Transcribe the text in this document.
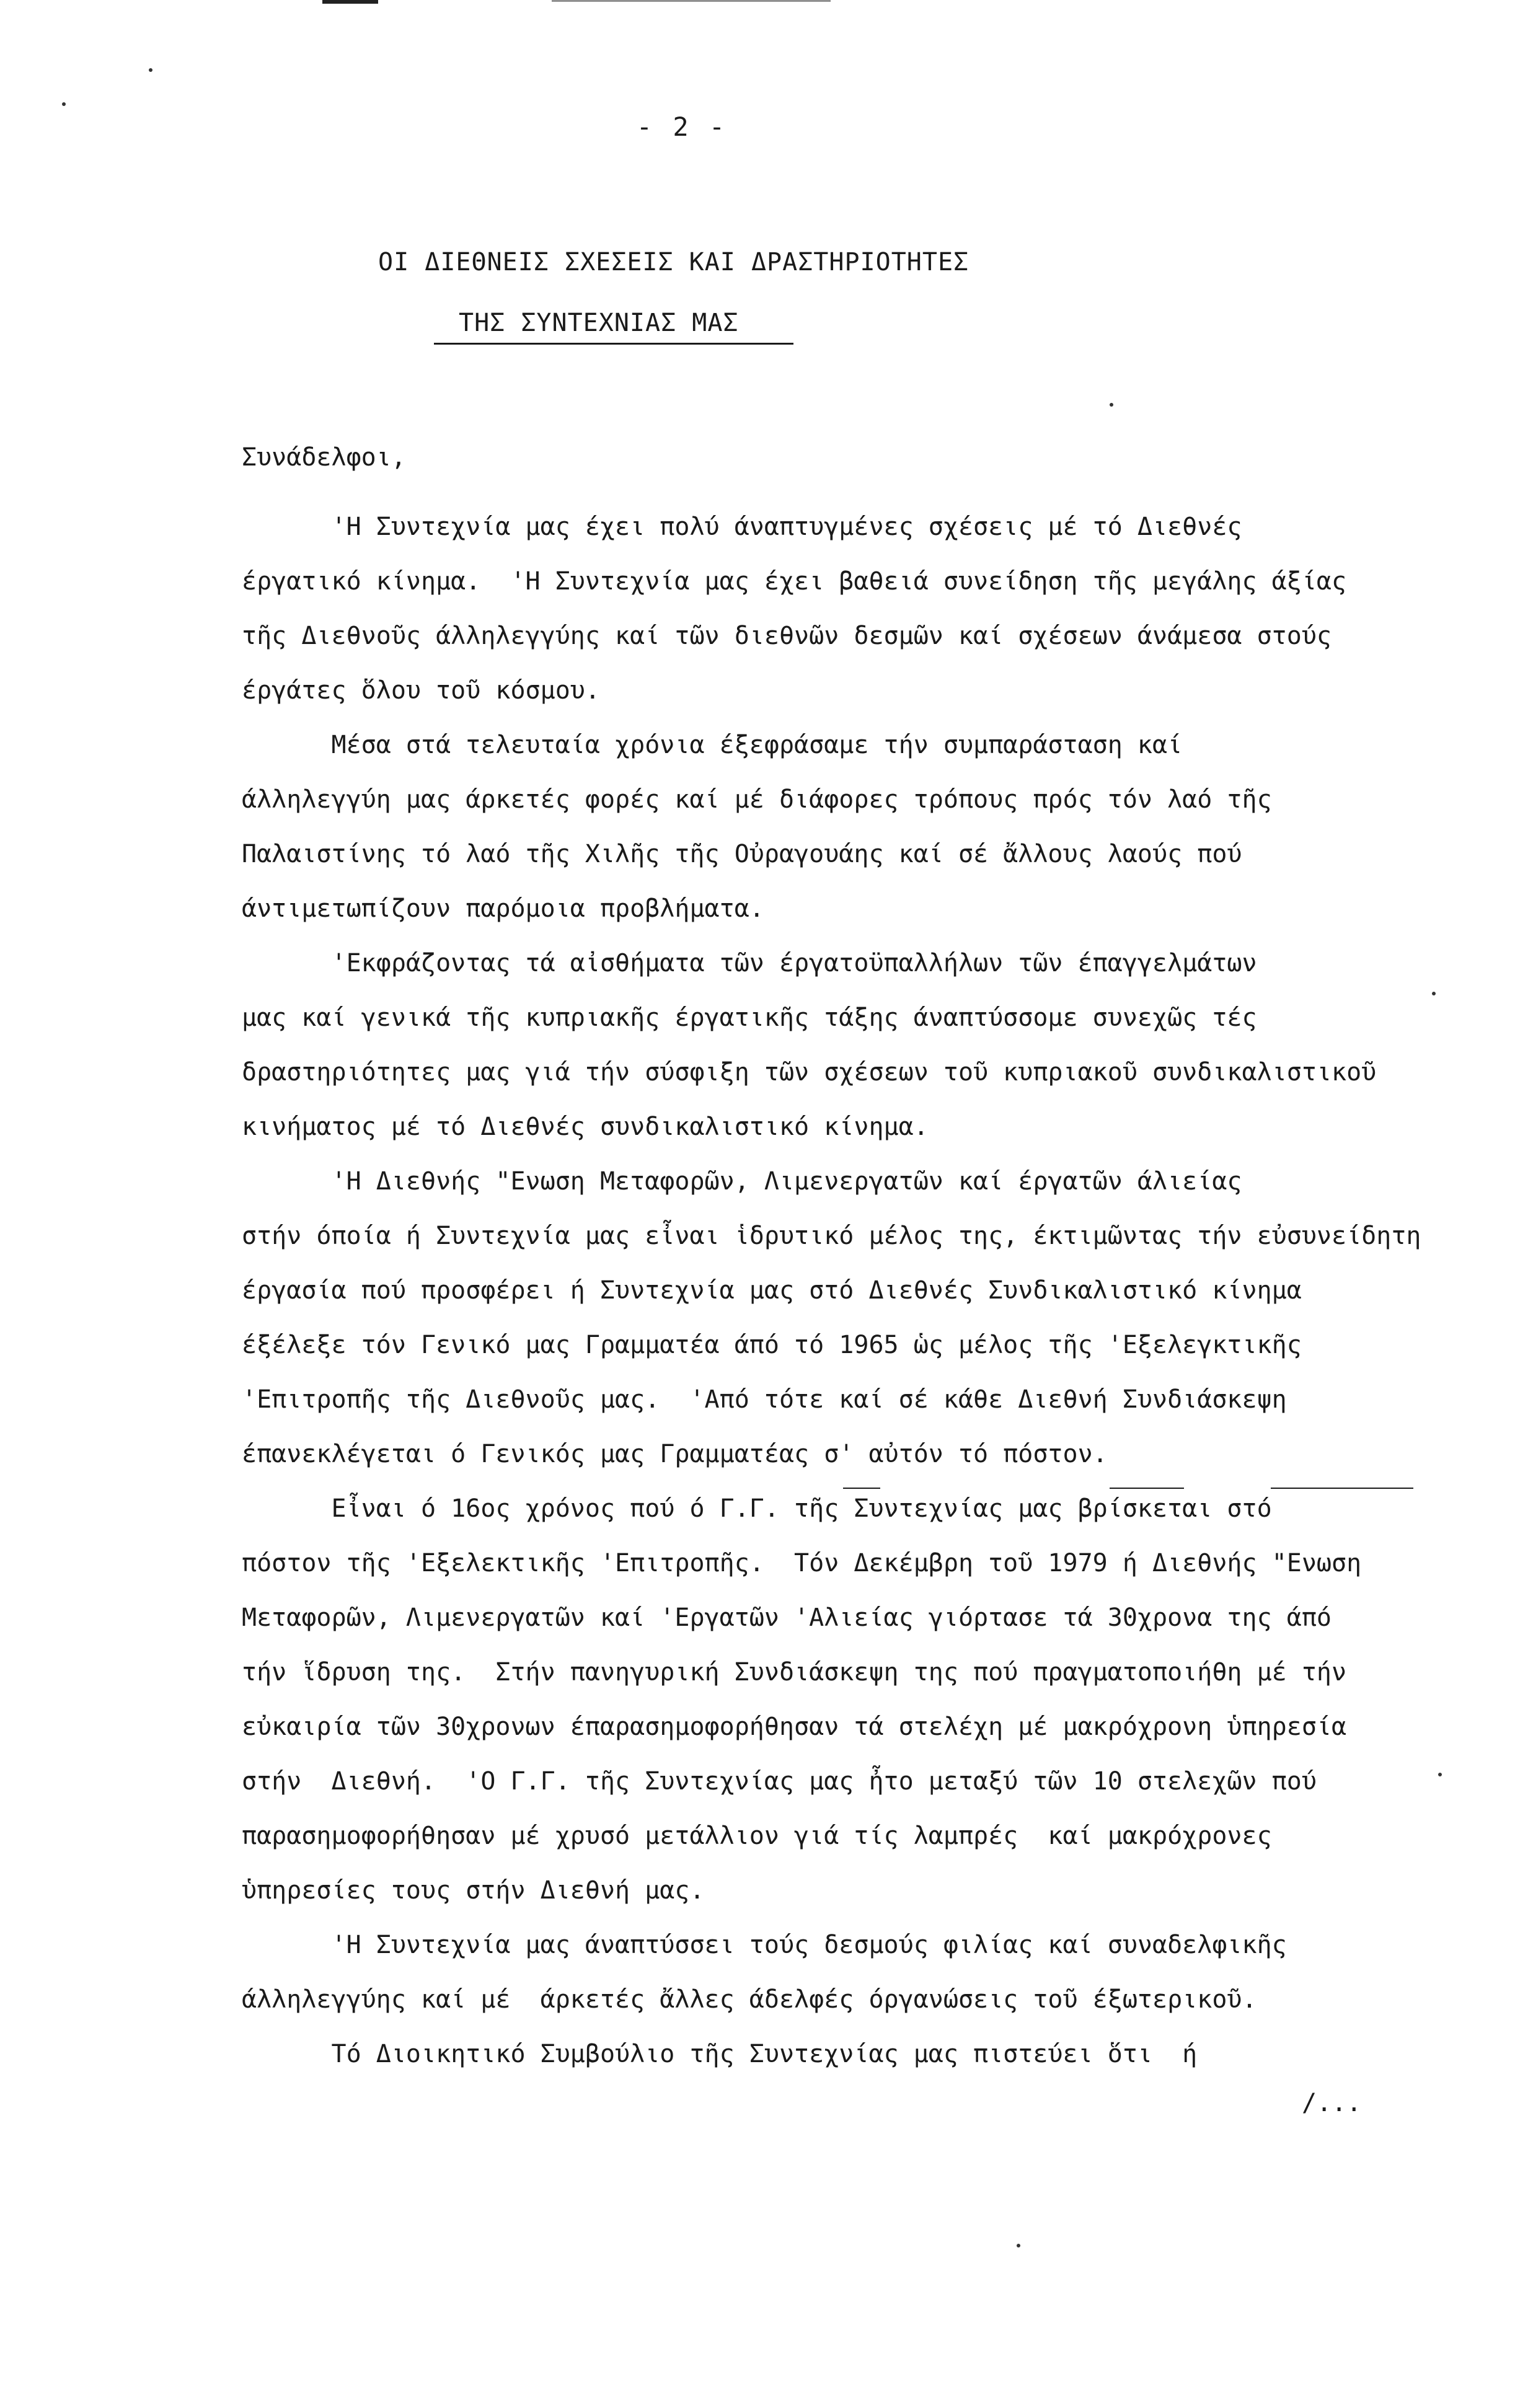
- 2 -
ΟΙ ΔΙΕΘΝΕΙΣ ΣΧΕΣΕΙΣ ΚΑΙ ΔΡΑΣΤΗΡΙΟΤΗΤΕΣ
ΤΗΣ ΣΥΝΤΕΧΝΙΑΣ ΜΑΣ
Συνάδελφοι,
'Η Συντεχνία μας έχει πολύ άναπτυγμένες σχέσεις μέ τό Διεθνές
έργατικό κίνημα.  'Η Συντεχνία μας έχει βαθειά συνείδηση τῆς μεγάλης άξίας
τῆς Διεθνοῦς άλληλεγγύης καί τῶν διεθνῶν δεσμῶν καί σχέσεων άνάμεσα στούς
έργάτες ὅλου τοῦ κόσμου.
Μέσα στά τελευταία χρόνια έξεφράσαμε τήν συμπαράσταση καί
άλληλεγγύη μας άρκετές φορές καί μέ διάφορες τρόπους πρός τόν λαό τῆς
Παλαιστίνης τό λαό τῆς Χιλῆς τῆς Οὐραγουάης καί σέ ἄλλους λαούς πού
άντιμετωπίζουν παρόμοια προβλήματα.
'Εκφράζοντας τά αἰσθήματα τῶν έργατοϋπαλλήλων τῶν έπαγγελμάτων
μας καί γενικά τῆς κυπριακῆς έργατικῆς τάξης άναπτύσσομε συνεχῶς τές
δραστηριότητες μας γιά τήν σύσφιξη τῶν σχέσεων τοῦ κυπριακοῦ συνδικαλιστικοῦ
κινήματος μέ τό Διεθνές συνδικαλιστικό κίνημα.
'Η Διεθνής "Ενωση Μεταφορῶν, Λιμενεργατῶν καί έργατῶν άλιείας
στήν όποία ή Συντεχνία μας εἶναι ἱδρυτικό μέλος της, έκτιμῶντας τήν εὐσυνείδητη
έργασία πού προσφέρει ή Συντεχνία μας στό Διεθνές Συνδικαλιστικό κίνημα
έξέλεξε τόν Γενικό μας Γραμματέα άπό τό 1965 ὡς μέλος τῆς 'Εξελεγκτικῆς
'Επιτροπῆς τῆς Διεθνοῦς μας.  'Από τότε καί σέ κάθε Διεθνή Συνδιάσκεψη
έπανεκλέγεται ό Γενικός μας Γραμματέας σ' αὐτόν τό πόστον.
Εἶναι ό 16ος χρόνος πού ό Γ.Γ. τῆς Συντεχνίας μας βρίσκεται στό
πόστον τῆς 'Εξελεκτικῆς 'Επιτροπῆς.  Τόν Δεκέμβρη τοῦ 1979 ή Διεθνής "Ενωση
Μεταφορῶν, Λιμενεργατῶν καί 'Εργατῶν 'Αλιείας γιόρτασε τά 30χρονα της άπό
τήν ἵδρυση της.  Στήν πανηγυρική Συνδιάσκεψη της πού πραγματοποιήθη μέ τήν
εὐκαιρία τῶν 30χρονων έπαρασημοφορήθησαν τά στελέχη μέ μακρόχρονη ὑπηρεσία
στήν  Διεθνή.  'Ο Γ.Γ. τῆς Συντεχνίας μας ἦτο μεταξύ τῶν 10 στελεχῶν πού
παρασημοφορήθησαν μέ χρυσό μετάλλιον γιά τίς λαμπρές  καί μακρόχρονες
ὑπηρεσίες τους στήν Διεθνή μας.
'Η Συντεχνία μας άναπτύσσει τούς δεσμούς φιλίας καί συναδελφικῆς
άλληλεγγύης καί μέ  άρκετές ἄλλες άδελφές όργανώσεις τοῦ έξωτερικοῦ.
Τό Διοικητικό Συμβούλιο τῆς Συντεχνίας μας πιστεύει ὅτι  ή
/...
